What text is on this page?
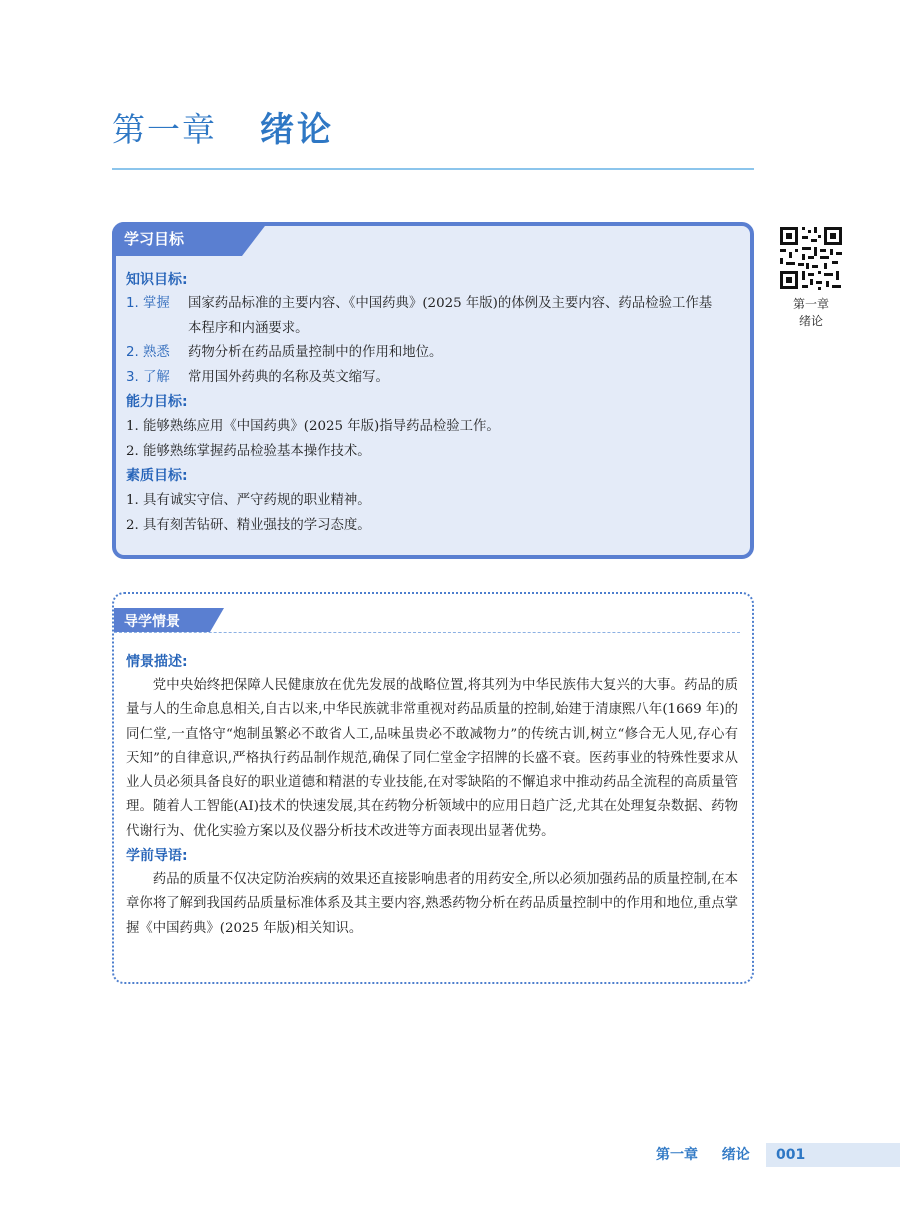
第一章 绪论
学习目标
知识目标:
1. 掌握	国家药品标准的主要内容、《中国药典》(2025 年版)的体例及主要内容、药品检验工作基
本程序和内涵要求。
2. 熟悉	药物分析在药品质量控制中的作用和地位。
3. 了解	常用国外药典的名称及英文缩写。
能力目标:
1. 能够熟练应用《中国药典》(2025 年版)指导药品检验工作。
2. 能够熟练掌握药品检验基本操作技术。
素质目标:
1. 具有诚实守信、严守药规的职业精神。
2. 具有刻苦钻研、精业强技的学习态度。
第一章
绪论
导学情景
情景描述:

党中央始终把保障人民健康放在优先发展的战略位置,将其列为中华民族伟大复兴的大事。药品的质量与人的生命息息相关,自古以来,中华民族就非常重视对药品质量的控制,始建于清康熙八年(1669 年)的同仁堂,一直恪守“炮制虽繁必不敢省人工,品味虽贵必不敢减物力”的传统古训,树立“修合无人见,存心有天知”的自律意识,严格执行药品制作规范,确保了同仁堂金字招牌的长盛不衰。医药事业的特殊性要求从业人员必须具备良好的职业道德和精湛的专业技能,在对零缺陷的不懈追求中推动药品全流程的高质量管理。随着人工智能(AI)技术的快速发展,其在药物分析领域中的应用日趋广泛,尤其在处理复杂数据、药物代谢行为、优化实验方案以及仪器分析技术改进等方面表现出显著优势。

学前导语:

药品的质量不仅决定防治疾病的效果还直接影响患者的用药安全,所以必须加强药品的质量控制,在本章你将了解到我国药品质量标准体系及其主要内容,熟悉药物分析在药品质量控制中的作用和地位,重点掌握《中国药典》(2025 年版)相关知识。

第一章 绪论	001
